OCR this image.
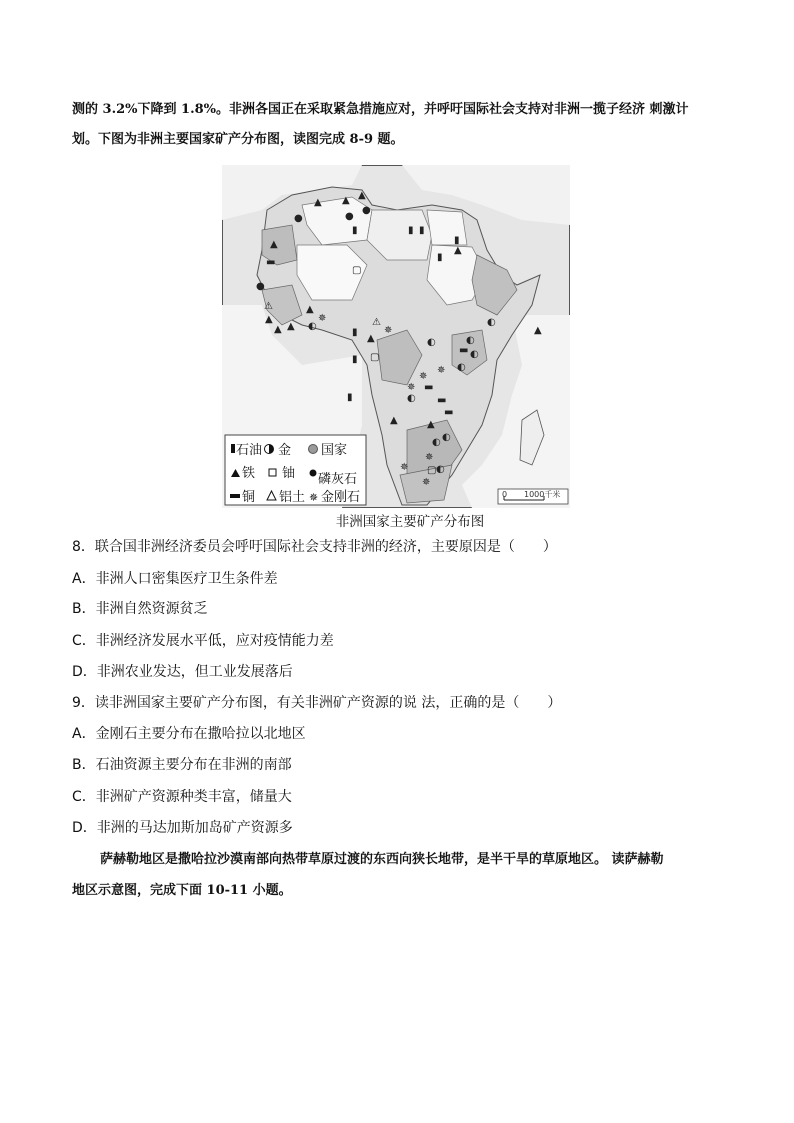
测的 3.2%下降到 1.8%。非洲各国正在采取紧急措施应对，并呼吁国际社会支持对非洲一揽子经济 刺激计
划。下图为非洲主要国家矿产分布图，读图完成 8-9 题。
▲ ▲ ▲
●
●	●
▮	▮ ▮
▮
▲
▲
▬
▢
●
⚠
▲
▲ ▲
✵
▲
◐
▮
⚠
✵
▲
▢
▮
◐
◐
▬ ◐
◐
◐
✵
✵
✵ ▬
▬
▬
◐
▮
▲	▲
◐
✵
✵
◐
▢ ◐
✵
▲
▮
石油 金 国家
铁 铀 磷灰石
铜 铝土 ✵ 金刚石	0 1000千米
非洲国家主要矿产分布图
8．联合国非洲经济委员会呼吁国际社会支持非洲的经济，主要原因是（　　）
A．非洲人口密集医疗卫生条件差
B．非洲自然资源贫乏
C．非洲经济发展水平低，应对疫情能力差
D．非洲农业发达，但工业发展落后
9．读非洲国家主要矿产分布图，有关非洲矿产资源的说 法，正确的是（　　）
A．金刚石主要分布在撒哈拉以北地区
B．石油资源主要分布在非洲的南部
C．非洲矿产资源种类丰富，储量大
D．非洲的马达加斯加岛矿产资源多
萨赫勒地区是撒哈拉沙漠南部向热带草原过渡的东西向狭长地带，是半干旱的草原地区。 读萨赫勒
地区示意图，完成下面 10-11 小题。
